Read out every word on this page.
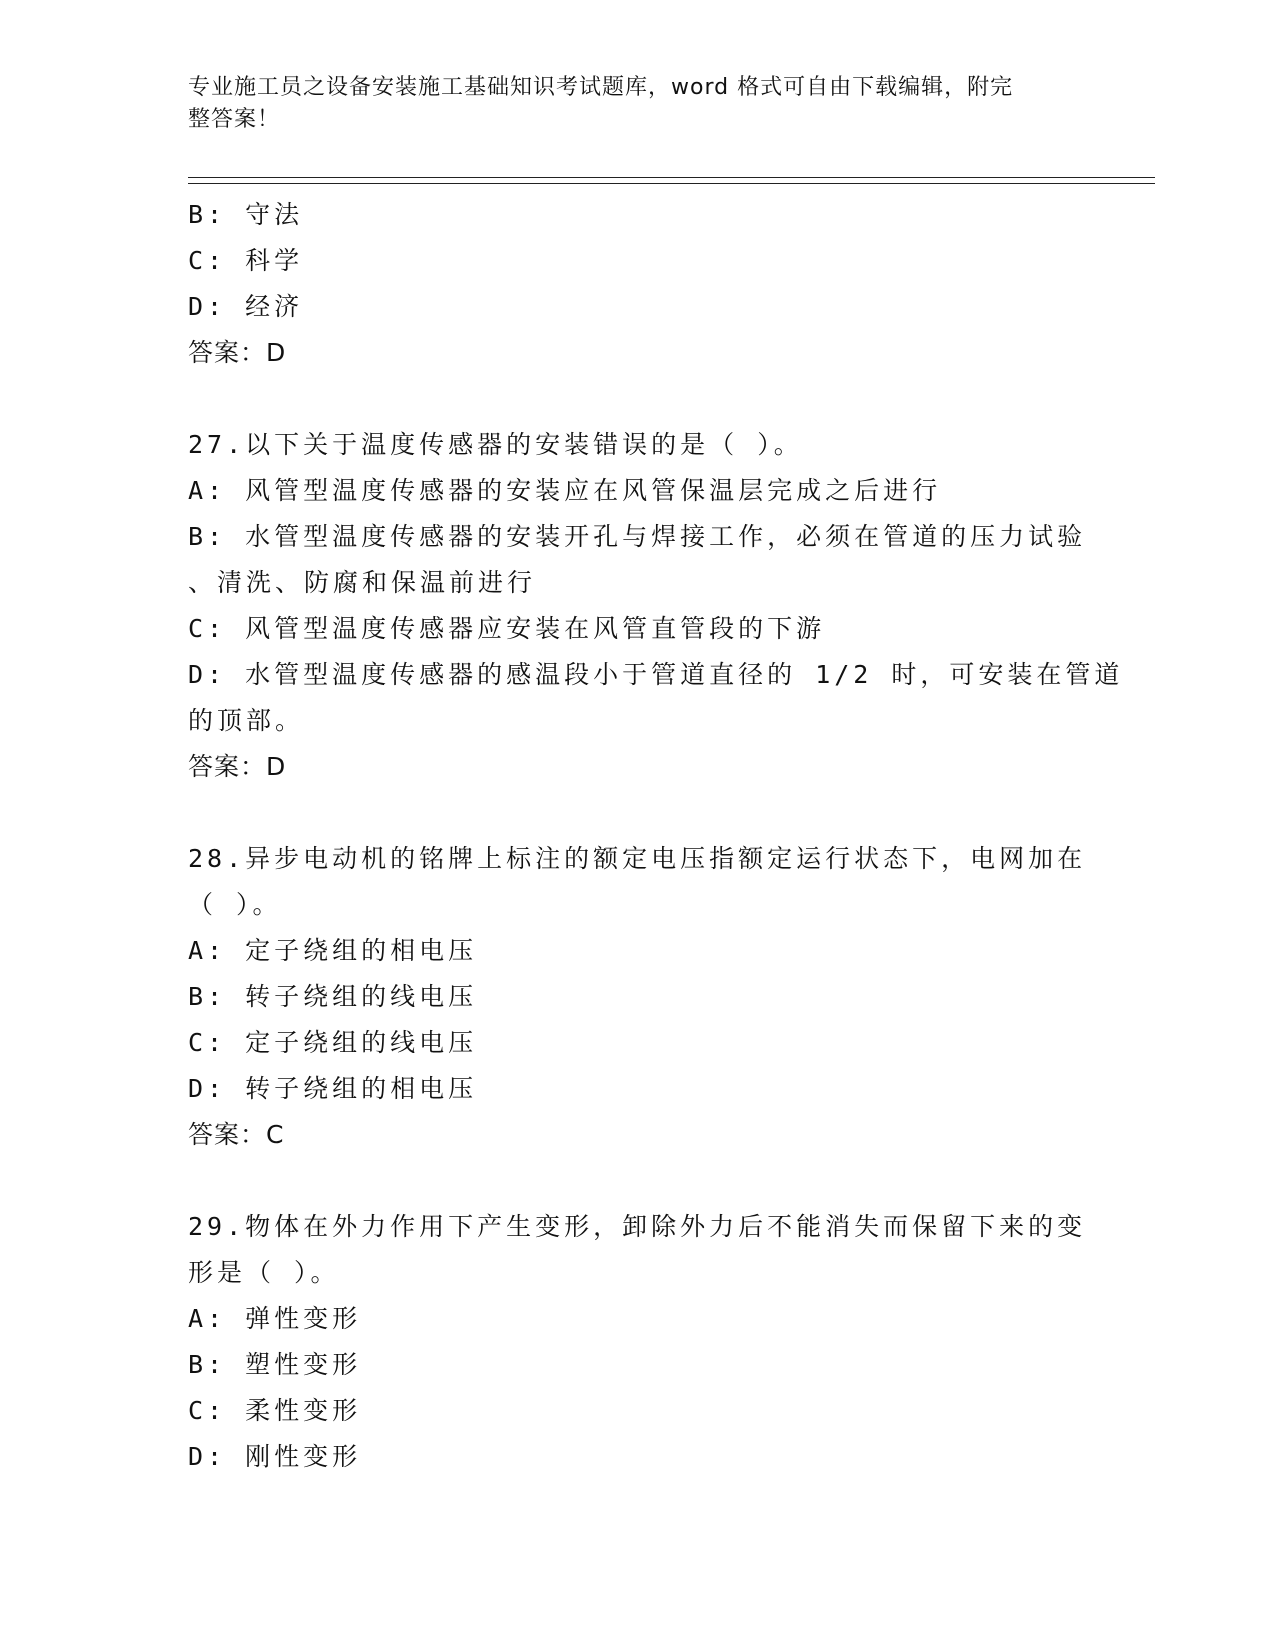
专业施工员之设备安装施工基础知识考试题库，word 格式可自由下载编辑，附完
整答案！
B: 守法
C: 科学
D: 经济
答案：D
27.以下关于温度传感器的安装错误的是（ ）。
A: 风管型温度传感器的安装应在风管保温层完成之后进行
B: 水管型温度传感器的安装开孔与焊接工作，必须在管道的压力试验
、清洗、防腐和保温前进行
C: 风管型温度传感器应安装在风管直管段的下游
D: 水管型温度传感器的感温段小于管道直径的 1/2 时，可安装在管道
的顶部。
答案：D
28.异步电动机的铭牌上标注的额定电压指额定运行状态下，电网加在
（ ）。
A: 定子绕组的相电压
B: 转子绕组的线电压
C: 定子绕组的线电压
D: 转子绕组的相电压
答案：C
29.物体在外力作用下产生变形，卸除外力后不能消失而保留下来的变
形是（ ）。
A: 弹性变形
B: 塑性变形
C: 柔性变形
D: 刚性变形
